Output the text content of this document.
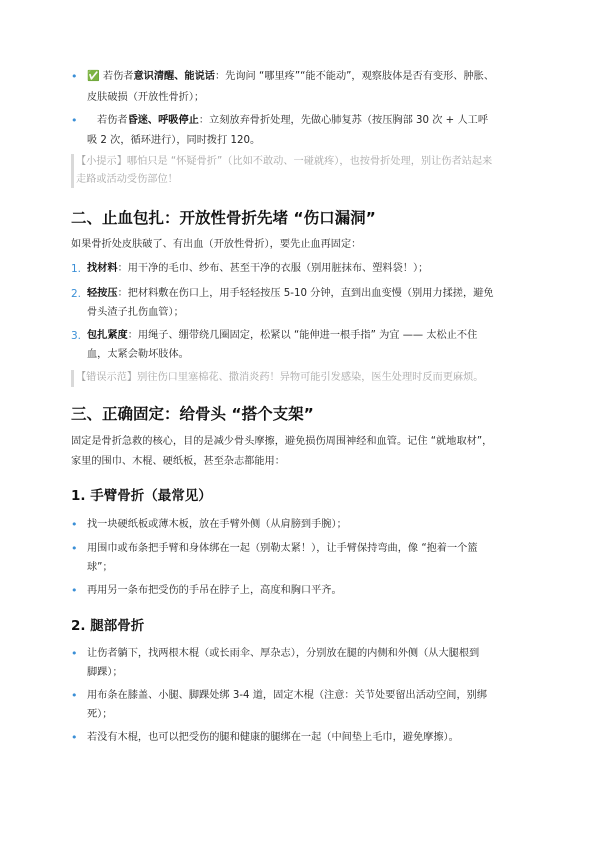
• ✅ 若伤者意识清醒、能说话：先询问 “哪里疼”“能不能动”，观察肢体是否有变形、肿胀、
皮肤破损（开放性骨折）；
• 若伤者昏迷、呼吸停止：立刻放弃骨折处理，先做心肺复苏（按压胸部 30 次 + 人工呼
吸 2 次，循环进行），同时拨打 120。
【小提示】哪怕只是 “怀疑骨折”（比如不敢动、一碰就疼），也按骨折处理，别让伤者站起来
走路或活动受伤部位！
二、止血包扎：开放性骨折先堵 “伤口漏洞”
如果骨折处皮肤破了、有出血（开放性骨折），要先止血再固定：
1. 找材料：用干净的毛巾、纱布、甚至干净的衣服（别用脏抹布、塑料袋！）；
2. 轻按压：把材料敷在伤口上，用手轻轻按压 5-10 分钟，直到出血变慢（别用力揉搓，避免
骨头渣子扎伤血管）；
3. 包扎紧度：用绳子、绷带绕几圈固定，松紧以 “能伸进一根手指” 为宜 —— 太松止不住
血，太紧会勒坏肢体。
【错误示范】别往伤口里塞棉花、撒消炎药！异物可能引发感染，医生处理时反而更麻烦。
三、正确固定：给骨头 “搭个支架”
固定是骨折急救的核心，目的是减少骨头摩擦，避免损伤周围神经和血管。记住 “就地取材”，
家里的围巾、木棍、硬纸板，甚至杂志都能用：
1. 手臂骨折（最常见）
• 找一块硬纸板或薄木板，放在手臂外侧（从肩膀到手腕）；
• 用围巾或布条把手臂和身体绑在一起（别勒太紧！），让手臂保持弯曲，像 “抱着一个篮
球”；
• 再用另一条布把受伤的手吊在脖子上，高度和胸口平齐。
2. 腿部骨折
• 让伤者躺下，找两根木棍（或长雨伞、厚杂志），分别放在腿的内侧和外侧（从大腿根到
脚踝）；
• 用布条在膝盖、小腿、脚踝处绑 3-4 道，固定木棍（注意：关节处要留出活动空间，别绑
死）；
• 若没有木棍，也可以把受伤的腿和健康的腿绑在一起（中间垫上毛巾，避免摩擦）。
